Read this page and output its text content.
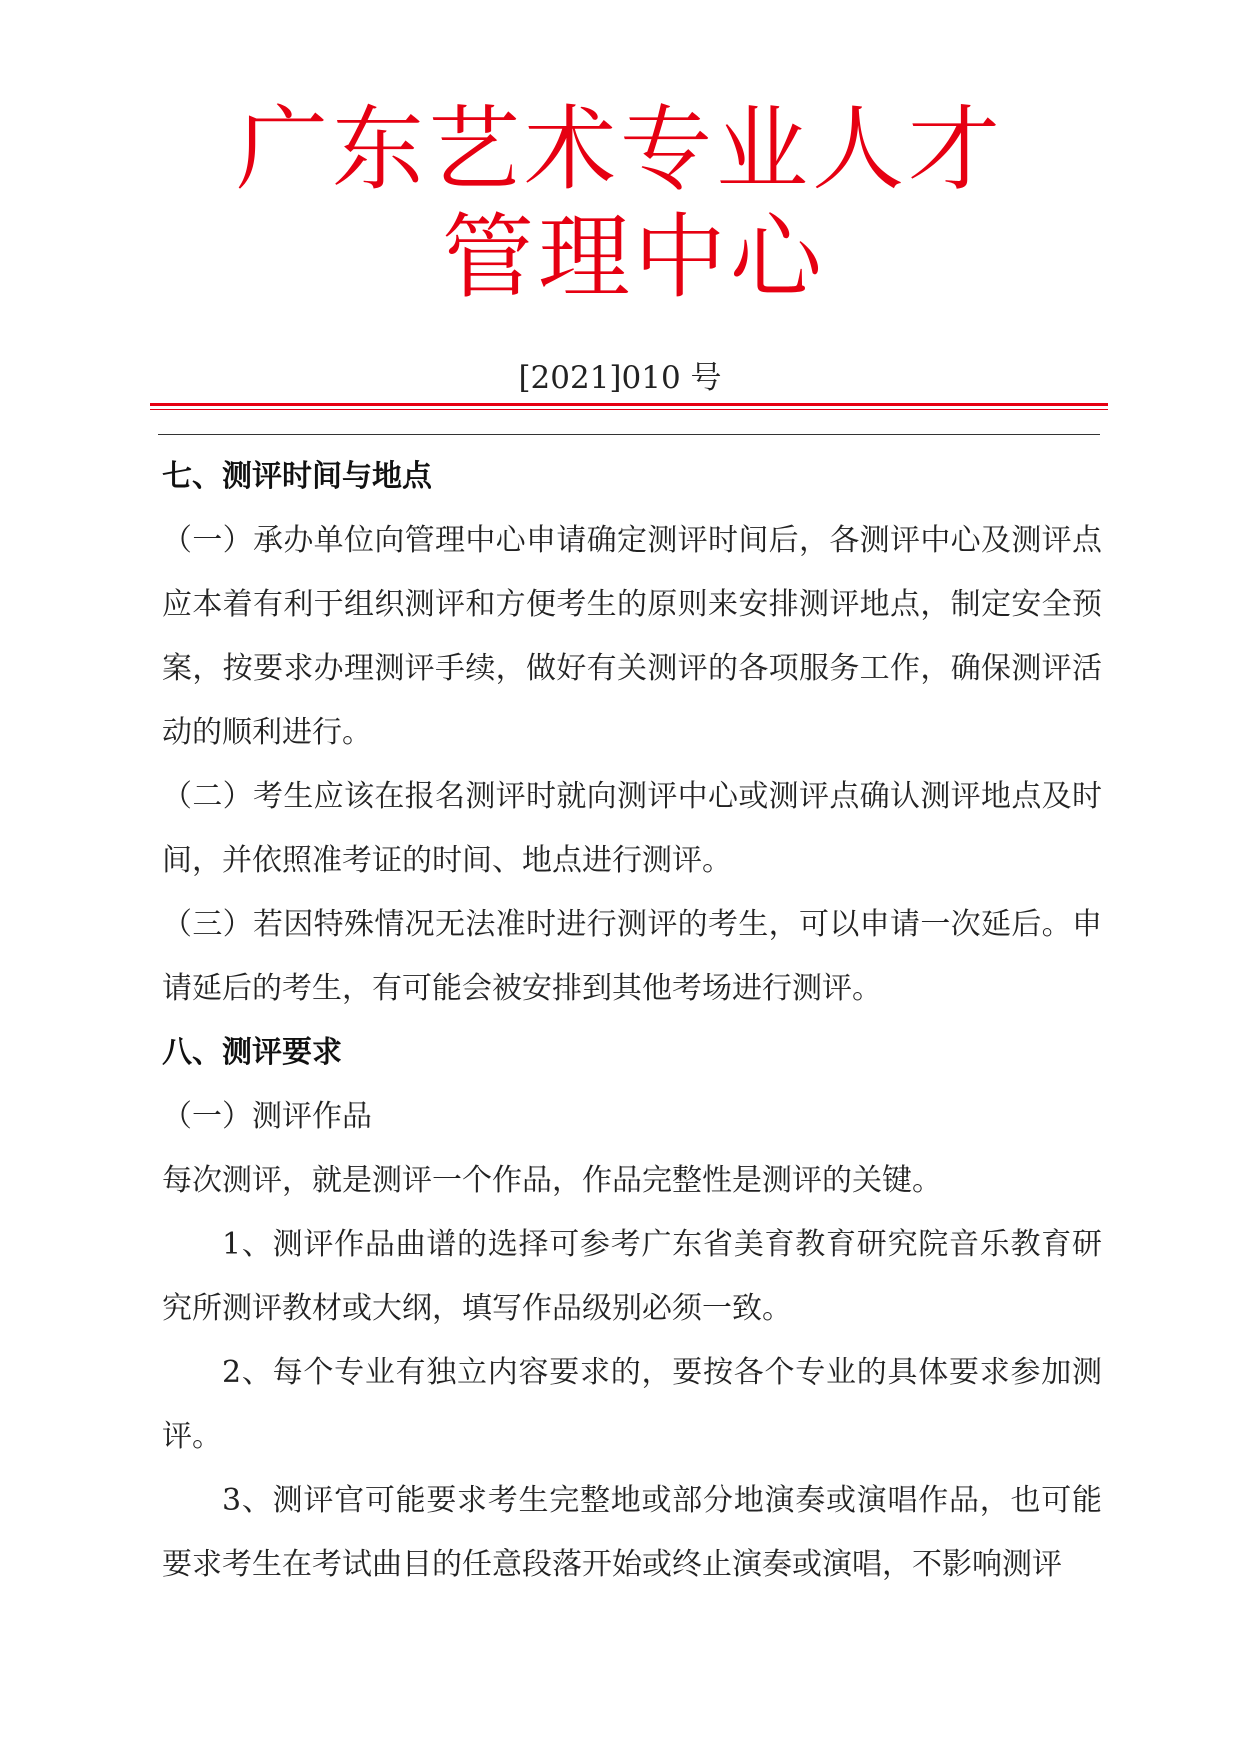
广东艺术专业人才
管理中心
[2021]010 号
七、测评时间与地点

（一）承办单位向管理中心申请确定测评时间后，各测评中心及测评点应本着有利于组织测评和方便考生的原则来安排测评地点，制定安全预案，按要求办理测评手续，做好有关测评的各项服务工作，确保测评活动的顺利进行。

（二）考生应该在报名测评时就向测评中心或测评点确认测评地点及时间，并依照准考证的时间、地点进行测评。

（三）若因特殊情况无法准时进行测评的考生，可以申请一次延后。申请延后的考生，有可能会被安排到其他考场进行测评。

八、测评要求

（一）测评作品

每次测评，就是测评一个作品，作品完整性是测评的关键。

1、测评作品曲谱的选择可参考广东省美育教育研究院音乐教育研究所测评教材或大纲，填写作品级别必须一致。

2、每个专业有独立内容要求的，要按各个专业的具体要求参加测评。

3、测评官可能要求考生完整地或部分地演奏或演唱作品，也可能要求考生在考试曲目的任意段落开始或终止演奏或演唱，不影响测评
